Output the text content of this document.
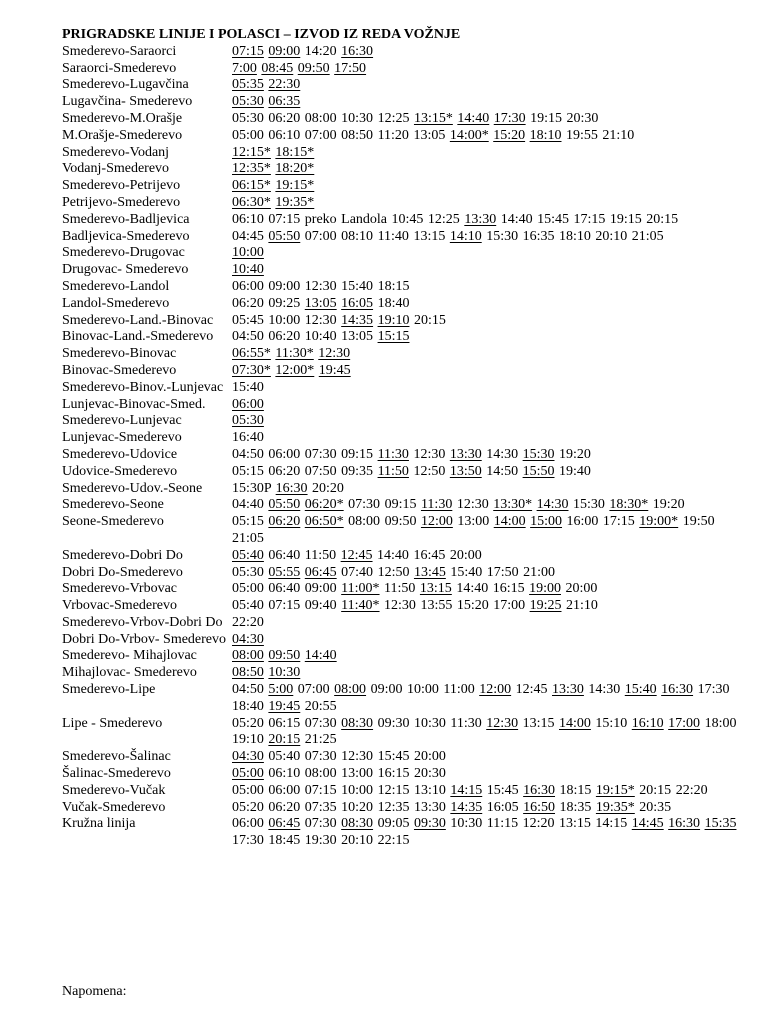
PRIGRADSKE LINIJE I POLASCI – IZVOD IZ REDA VOŽNJE
Smederevo-Saraorci	07:15 09:00 14:20 16:30
Saraorci-Smederevo	7:00 08:45 09:50 17:50
Smederevo-Lugavčina	05:35 22:30
Lugavčina- Smederevo	05:30 06:35
Smederevo-M.Orašje	05:30 06:20 08:00 10:30 12:25 13:15* 14:40 17:30 19:15 20:30
M.Orašje-Smederevo	05:00 06:10 07:00 08:50 11:20 13:05 14:00* 15:20 18:10 19:55 21:10
Smederevo-Vodanj	12:15* 18:15*
Vodanj-Smederevo	12:35* 18:20*
Smederevo-Petrijevo	06:15* 19:15*
Petrijevo-Smederevo	06:30* 19:35*
Smederevo-Badljevica	06:10 07:15 preko Landola 10:45 12:25 13:30 14:40 15:45 17:15 19:15 20:15
Badljevica-Smederevo	04:45 05:50 07:00 08:10 11:40 13:15 14:10 15:30 16:35 18:10 20:10 21:05
Smederevo-Drugovac	10:00
Drugovac- Smederevo	10:40
Smederevo-Landol	06:00 09:00 12:30 15:40 18:15
Landol-Smederevo	06:20 09:25 13:05 16:05 18:40
Smederevo-Land.-Binovac	05:45 10:00 12:30 14:35 19:10 20:15
Binovac-Land.-Smederevo	04:50 06:20 10:40 13:05 15:15
Smederevo-Binovac	06:55* 11:30* 12:30
Binovac-Smederevo	07:30* 12:00* 19:45
Smederevo-Binov.-Lunjevac 15:40
Lunjevac-Binovac-Smed.	06:00
Smederevo-Lunjevac	05:30
Lunjevac-Smederevo	16:40
Smederevo-Udovice	04:50 06:00 07:30 09:15 11:30 12:30 13:30 14:30 15:30 19:20
Udovice-Smederevo	05:15 06:20 07:50 09:35 11:50 12:50 13:50 14:50 15:50 19:40
Smederevo-Udov.-Seone	15:30P 16:30 20:20
Smederevo-Seone	04:40 05:50 06:20* 07:30 09:15 11:30 12:30 13:30* 14:30 15:30 18:30* 19:20
Seone-Smederevo	05:15 06:20 06:50* 08:00 09:50 12:00 13:00 14:00 15:00 16:00 17:15 19:00* 19:50 21:05
Smederevo-Dobri Do	05:40 06:40 11:50 12:45 14:40 16:45 20:00
Dobri Do-Smederevo	05:30 05:55 06:45 07:40 12:50 13:45 15:40 17:50 21:00
Smederevo-Vrbovac	05:00 06:40 09:00 11:00* 11:50 13:15 14:40 16:15 19:00 20:00
Vrbovac-Smederevo	05:40 07:15 09:40 11:40* 12:30 13:55 15:20 17:00 19:25 21:10
Smederevo-Vrbov-Dobri Do 22:20
Dobri Do-Vrbov- Smederevo 04:30
Smederevo- Mihajlovac	08:00 09:50 14:40
Mihajlovac- Smederevo	08:50 10:30
Smederevo-Lipe	04:50 5:00 07:00 08:00 09:00 10:00 11:00 12:00 12:45 13:30 14:30 15:40 16:30 17:30 18:40 19:45 20:55
Lipe - Smederevo	05:20 06:15 07:30 08:30 09:30 10:30 11:30 12:30 13:15 14:00 15:10 16:10 17:00 18:00 19:10 20:15 21:25
Smederevo-Šalinac	04:30 05:40 07:30 12:30 15:45 20:00
Šalinac-Smederevo	05:00 06:10 08:00 13:00 16:15 20:30
Smederevo-Vučak	05:00 06:00 07:15 10:00 12:15 13:10 14:15 15:45 16:30 18:15 19:15* 20:15 22:20
Vučak-Smederevo	05:20 06:20 07:35 10:20 12:35 13:30 14:35 16:05 16:50 18:35 19:35* 20:35
Kružna linija	06:00 06:45 07:30 08:30 09:05 09:30 10:30 11:15 12:20 13:15 14:15 14:45 16:30 15:35 17:30 18:45 19:30 20:10 22:15
Napomena:
